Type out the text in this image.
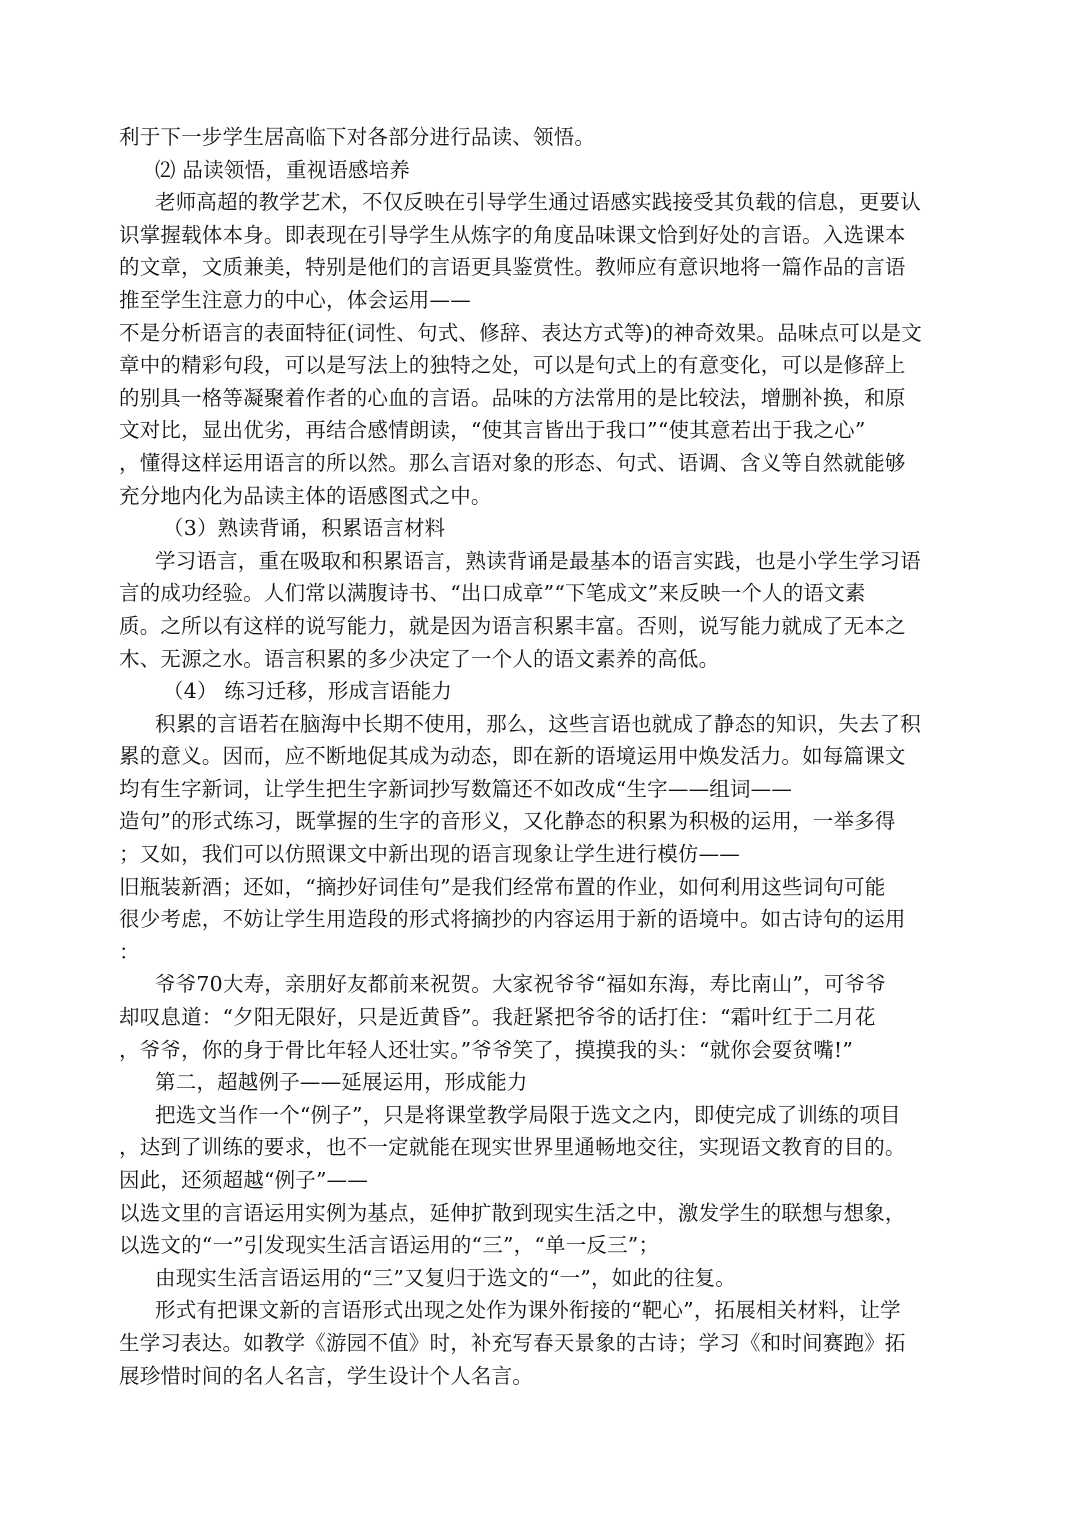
利于下一步学生居高临下对各部分进行品读、领悟。
⑵ 品读领悟，重视语感培养
老师高超的教学艺术，不仅反映在引导学生通过语感实践接受其负载的信息，更要认
识掌握载体本身。即表现在引导学生从炼字的角度品味课文恰到好处的言语。入选课本
的文章，文质兼美，特别是他们的言语更具鉴赏性。教师应有意识地将一篇作品的言语
推至学生注意力的中心，体会运用——
不是分析语言的表面特征(词性、句式、修辞、表达方式等)的神奇效果。品味点可以是文
章中的精彩句段，可以是写法上的独特之处，可以是句式上的有意变化，可以是修辞上
的别具一格等凝聚着作者的心血的言语。品味的方法常用的是比较法，增删补换，和原
文对比，显出优劣，再结合感情朗读，“使其言皆出于我口”“使其意若出于我之心”
，懂得这样运用语言的所以然。那么言语对象的形态、句式、语调、含义等自然就能够
充分地内化为品读主体的语感图式之中。
（3）熟读背诵，积累语言材料
学习语言，重在吸取和积累语言，熟读背诵是最基本的语言实践，也是小学生学习语
言的成功经验。人们常以满腹诗书、“出口成章”“下笔成文”来反映一个人的语文素
质。之所以有这样的说写能力，就是因为语言积累丰富。否则，说写能力就成了无本之
木、无源之水。语言积累的多少决定了一个人的语文素养的高低。
（4） 练习迁移，形成言语能力
积累的言语若在脑海中长期不使用，那么，这些言语也就成了静态的知识，失去了积
累的意义。因而，应不断地促其成为动态，即在新的语境运用中焕发活力。如每篇课文
均有生字新词，让学生把生字新词抄写数篇还不如改成“生字——组词——
造句”的形式练习，既掌握的生字的音形义，又化静态的积累为积极的运用，一举多得
；又如，我们可以仿照课文中新出现的语言现象让学生进行模仿——
旧瓶装新酒；还如，“摘抄好词佳句”是我们经常布置的作业，如何利用这些词句可能
很少考虑，不妨让学生用造段的形式将摘抄的内容运用于新的语境中。如古诗句的运用
：
爷爷70大寿，亲朋好友都前来祝贺。大家祝爷爷“福如东海，寿比南山”，可爷爷
却叹息道：“夕阳无限好，只是近黄昏”。我赶紧把爷爷的话打住：“霜叶红于二月花
，爷爷，你的身于骨比年轻人还壮实。”爷爷笑了，摸摸我的头：“就你会耍贫嘴!”
第二，超越例子——延展运用，形成能力
把选文当作一个“例子”，只是将课堂教学局限于选文之内，即使完成了训练的项目
，达到了训练的要求，也不一定就能在现实世界里通畅地交往，实现语文教育的目的。
因此，还须超越“例子”——
以选文里的言语运用实例为基点，延伸扩散到现实生活之中，激发学生的联想与想象，
以选文的“一”引发现实生活言语运用的“三”，“单一反三”；
由现实生活言语运用的“三”又复归于选文的“一”，如此的往复。
形式有把课文新的言语形式出现之处作为课外衔接的“靶心”，拓展相关材料，让学
生学习表达。如教学《游园不值》时，补充写春天景象的古诗；学习《和时间赛跑》拓
展珍惜时间的名人名言，学生设计个人名言。
